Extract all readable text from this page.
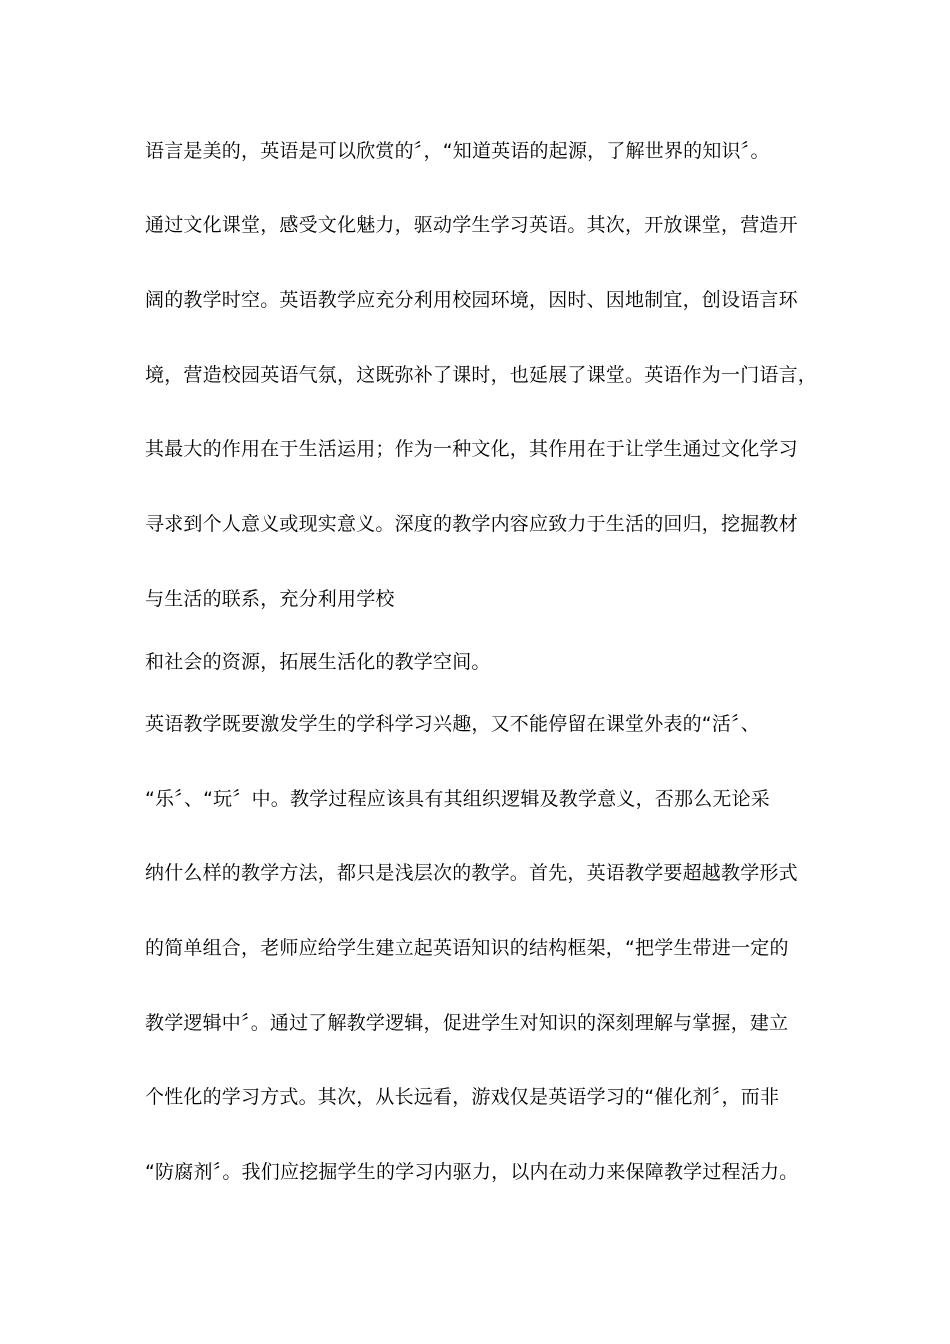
语言是美的，英语是可以欣赏的〞，“知道英语的起源，了解世界的知识〞。
通过文化课堂，感受文化魅力，驱动学生学习英语。其次，开放课堂，营造开
阔的教学时空。英语教学应充分利用校园环境，因时、因地制宜，创设语言环
境，营造校园英语气氛，这既弥补了课时，也延展了课堂。英语作为一门语言，
其最大的作用在于生活运用；作为一种文化，其作用在于让学生通过文化学习
寻求到个人意义或现实意义。深度的教学内容应致力于生活的回归，挖掘教材
与生活的联系，充分利用学校
和社会的资源，拓展生活化的教学空间。
英语教学既要激发学生的学科学习兴趣，又不能停留在课堂外表的“活〞、
“乐〞、“玩〞中。教学过程应该具有其组织逻辑及教学意义，否那么无论采
纳什么样的教学方法，都只是浅层次的教学。首先，英语教学要超越教学形式
的简单组合，老师应给学生建立起英语知识的结构框架，“把学生带进一定的
教学逻辑中〞。通过了解教学逻辑，促进学生对知识的深刻理解与掌握，建立
个性化的学习方式。其次，从长远看，游戏仅是英语学习的“催化剂〞，而非
“防腐剂〞。我们应挖掘学生的学习内驱力，以内在动力来保障教学过程活力。
